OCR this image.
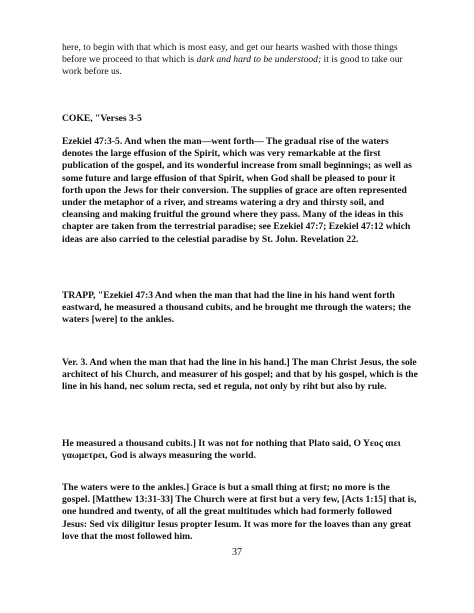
here, to begin with that which is most easy, and get our hearts washed with those things before we proceed to that which is dark and hard to be understood; it is good to take our work before us.

COKE, "Verses 3-5

Ezekiel 47:3-5. And when the man—went forth— The gradual rise of the waters denotes the large effusion of the Spirit, which was very remarkable at the first publication of the gospel, and its wonderful increase from small beginnings; as well as some future and large effusion of that Spirit, when God shall be pleased to pour it forth upon the Jews for their conversion. The supplies of grace are often represented under the metaphor of a river, and streams watering a dry and thirsty soil, and cleansing and making fruitful the ground where they pass. Many of the ideas in this chapter are taken from the terrestrial paradise; see Ezekiel 47:7; Ezekiel 47:12 which ideas are also carried to the celestial paradise by St. John. Revelation 22.

TRAPP, "Ezekiel 47:3 And when the man that had the line in his hand went forth eastward, he measured a thousand cubits, and he brought me through the waters; the waters [were] to the ankles.

Ver. 3. And when the man that had the line in his hand.] The man Christ Jesus, the sole architect of his Church, and measurer of his gospel; and that by his gospel, which is the line in his hand, nec solum recta, sed et regula, not only by riht but also by rule.

He measured a thousand cubits.] It was not for nothing that Plato said, Ο Υεος αιει γαωμετρει, God is always measuring the world.

The waters were to the ankles.] Grace is but a small thing at first; no more is the gospel. [Matthew 13:31-33] The Church were at first but a very few, [Acts 1:15] that is, one hundred and twenty, of all the great multitudes which had formerly followed Jesus: Sed vix diligitur Iesus propter Iesum. It was more for the loaves than any great love that the most followed him.

37
